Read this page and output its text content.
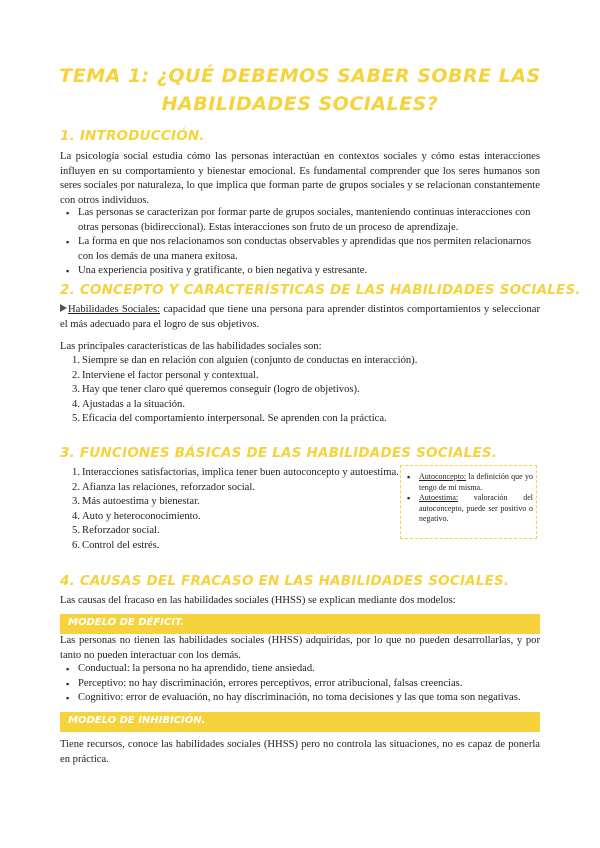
TEMA 1: ¿QUÉ DEBEMOS SABER SOBRE LAS
HABILIDADES SOCIALES?
1. INTRODUCCIÓN.
La psicología social estudia cómo las personas interactúan en contextos sociales y cómo estas interacciones influyen en su comportamiento y bienestar emocional. Es fundamental comprender que los seres humanos son seres sociales por naturaleza, lo que implica que forman parte de grupos sociales y se relacionan constantemente con otros individuos.
▪ Las personas se caracterizan por formar parte de grupos sociales, manteniendo continuas interacciones con otras personas (bidireccional). Estas interacciones son fruto de un proceso de aprendizaje.
▪ La forma en que nos relacionamos son conductas observables y aprendidas que nos permiten relacionarnos con los demás de una manera exitosa.
▪ Una experiencia positiva y gratificante, o bien negativa y estresante.
2. CONCEPTO Y CARACTERÍSTICAS DE LAS HABILIDADES SOCIALES.
Habilidades Sociales: capacidad que tiene una persona para aprender distintos comportamientos y seleccionar el más adecuado para el logro de sus objetivos.
Las principales características de las habilidades sociales son:
1. Siempre se dan en relación con alguien (conjunto de conductas en interacción).
2. Interviene el factor personal y contextual.
3. Hay que tener claro qué queremos conseguir (logro de objetivos).
4. Ajustadas a la situación.
5. Eficacia del comportamiento interpersonal. Se aprenden con la práctica.
3. FUNCIONES BÁSICAS DE LAS HABILIDADES SOCIALES.
1. Interacciones satisfactorias, implica tener buen autoconcepto y autoestima.
2. Afianza las relaciones, reforzador social.
3. Más autoestima y bienestar.
4. Auto y heteroconocimiento.
5. Reforzador social.
6. Control del estrés.
▪ Autoconcepto: la definición que yo tengo de mi misma.
▪ Autoestima: valoración del autoconcepto, puede ser positivo o negativo.
4. CAUSAS DEL FRACASO EN LAS HABILIDADES SOCIALES.
Las causas del fracaso en las habilidades sociales (HHSS) se explican mediante dos modelos:
MODELO DE DÉFICIT.
Las personas no tienen las habilidades sociales (HHSS) adquiridas, por lo que no pueden desarrollarlas, y por tanto no pueden interactuar con los demás.
▪ Conductual: la persona no ha aprendido, tiene ansiedad.
▪ Perceptivo: no hay discriminación, errores perceptivos, error atribucional, falsas creencias.
▪ Cognitivo: error de evaluación, no hay discriminación, no toma decisiones y las que toma son negativas.
MODELO DE INHIBICIÓN.
Tiene recursos, conoce las habilidades sociales (HHSS) pero no controla las situaciones, no es capaz de ponerla en práctica.
